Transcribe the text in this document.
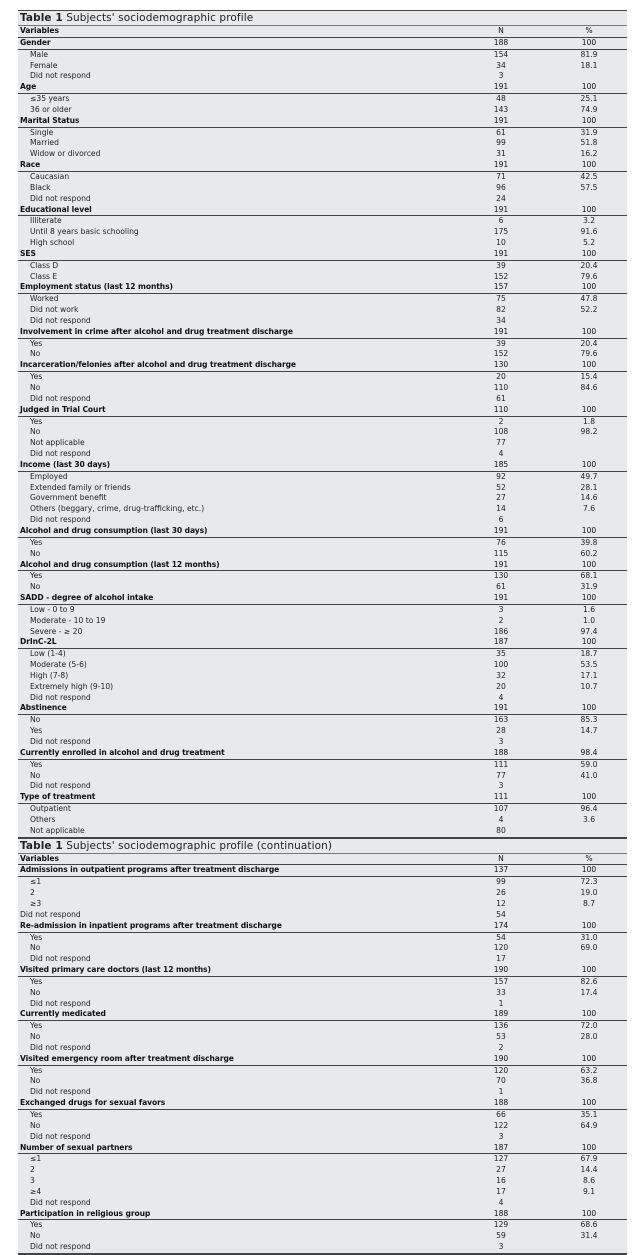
Table 1 Subjects' sociodemographic profile
Variables	N	%
Gender	188	100
Male	154	81.9
Female	34	18.1
Did not respond	3
Age	191	100
≤35 years	48	25.1
36 or older	143	74.9
Marital Status	191	100
Single	61	31.9
Married	99	51.8
Widow or divorced	31	16.2
Race	191	100
Caucasian	71	42.5
Black	96	57.5
Did not respond	24
Educational level	191	100
Illiterate	6	3.2
Until 8 years basic schooling	175	91.6
High school	10	5.2
SES	191	100
Class D	39	20.4
Class E	152	79.6
Employment status (last 12 months)	157	100
Worked	75	47.8
Did not work	82	52.2
Did not respond	34
Involvement in crime after alcohol and drug treatment discharge	191	100
Yes	39	20.4
No	152	79.6
Incarceration/felonies after alcohol and drug treatment discharge	130	100
Yes	20	15.4
No	110	84.6
Did not respond	61
Judged in Trial Court	110	100
Yes	2	1.8
No	108	98.2
Not applicable	77
Did not respond	4
Income (last 30 days)	185	100
Employed	92	49.7
Extended family or friends	52	28.1
Government benefit	27	14.6
Others (beggary, crime, drug-trafficking, etc.)	14	7.6
Did not respond	6
Alcohol and drug consumption (last 30 days)	191	100
Yes	76	39.8
No	115	60.2
Alcohol and drug consumption (last 12 months)	191	100
Yes	130	68.1
No	61	31.9
SADD - degree of alcohol intake	191	100
Low - 0 to 9	3	1.6
Moderate - 10 to 19	2	1.0
Severe - ≥ 20	186	97.4
DrInC-2L	187	100
Low (1-4)	35	18.7
Moderate (5-6)	100	53.5
High (7-8)	32	17.1
Extremely high (9-10)	20	10.7
Did not respond	4
Abstinence	191	100
No	163	85.3
Yes	28	14.7
Did not respond	3
Currently enrolled in alcohol and drug treatment	188	98.4
Yes	111	59.0
No	77	41.0
Did not respond	3
Type of treatment	111	100
Outpatient	107	96.4
Others	4	3.6
Not applicable	80
Table 1 Subjects' sociodemographic profile (continuation)
Variables	N	%
Admissions in outpatient programs after treatment discharge	137	100
≤1	99	72.3
2	26	19.0
≥3	12	8.7
Did not respond	54
Re-admission in inpatient programs after treatment discharge	174	100
Yes	54	31.0
No	120	69.0
Did not respond	17
Visited primary care doctors (last 12 months)	190	100
Yes	157	82.6
No	33	17.4
Did not respond	1
Currently medicated	189	100
Yes	136	72.0
No	53	28.0
Did not respond	2
Visited emergency room after treatment discharge	190	100
Yes	120	63.2
No	70	36.8
Did not respond	1
Exchanged drugs for sexual favors	188	100
Yes	66	35.1
No	122	64.9
Did not respond	3
Number of sexual partners	187	100
≤1	127	67.9
2	27	14.4
3	16	8.6
≥4	17	9.1
Did not respond	4
Participation in religious group	188	100
Yes	129	68.6
No	59	31.4
Did not respond	3
